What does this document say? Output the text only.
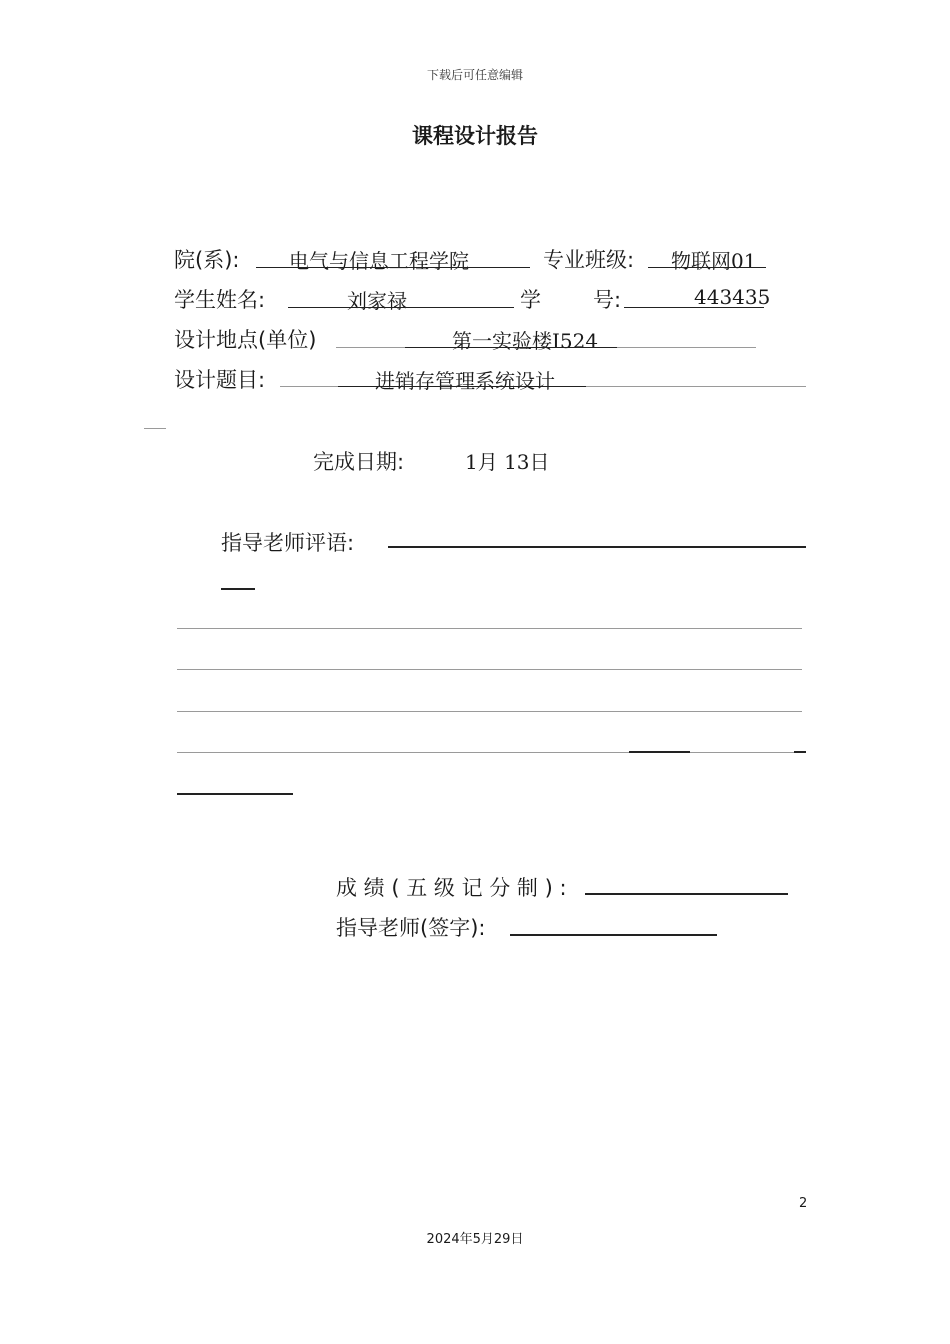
下载后可任意编辑
课程设计报告
院(系): 电气与信息工程学院	专业班级: 物联网01
学生姓名:	刘家禄	学 号:	443435
设计地点(单位)	第一实验楼I524
设计题目:	进销存管理系统设计
完成日期:	1月 13日
指导老师评语:
成 绩 ( 五 级 记 分 制 ) :
指导老师(签字):
2
2024年5月29日
